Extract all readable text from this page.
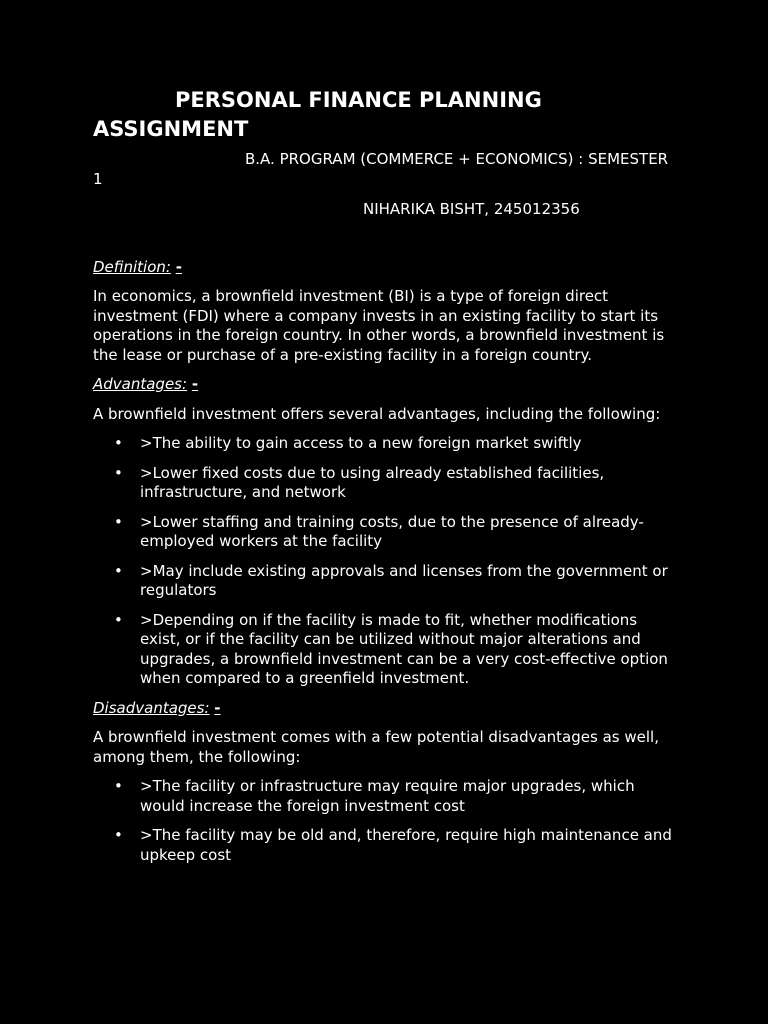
PERSONAL FINANCE PLANNING ASSIGNMENT
B.A. PROGRAM (COMMERCE + ECONOMICS) : SEMESTER 1
NIHARIKA BISHT, 245012356
Definition: -

In economics, a brownfield investment (BI) is a type of foreign direct investment (FDI) where a company invests in an existing facility to start its operations in the foreign country. In other words, a brownfield investment is the lease or purchase of a pre-existing facility in a foreign country.

Advantages: -

A brownfield investment offers several advantages, including the following:

• >The ability to gain access to a new foreign market swiftly
• >Lower fixed costs due to using already established facilities, infrastructure, and network
• >Lower staffing and training costs, due to the presence of already-employed workers at the facility
• >May include existing approvals and licenses from the government or regulators
• >Depending on if the facility is made to fit, whether modifications exist, or if the facility can be utilized without major alterations and upgrades, a brownfield investment can be a very cost-effective option when compared to a greenfield investment.
Disadvantages: -

A brownfield investment comes with a few potential disadvantages as well, among them, the following:

• >The facility or infrastructure may require major upgrades, which would increase the foreign investment cost
• >The facility may be old and, therefore, require high maintenance and upkeep cost
